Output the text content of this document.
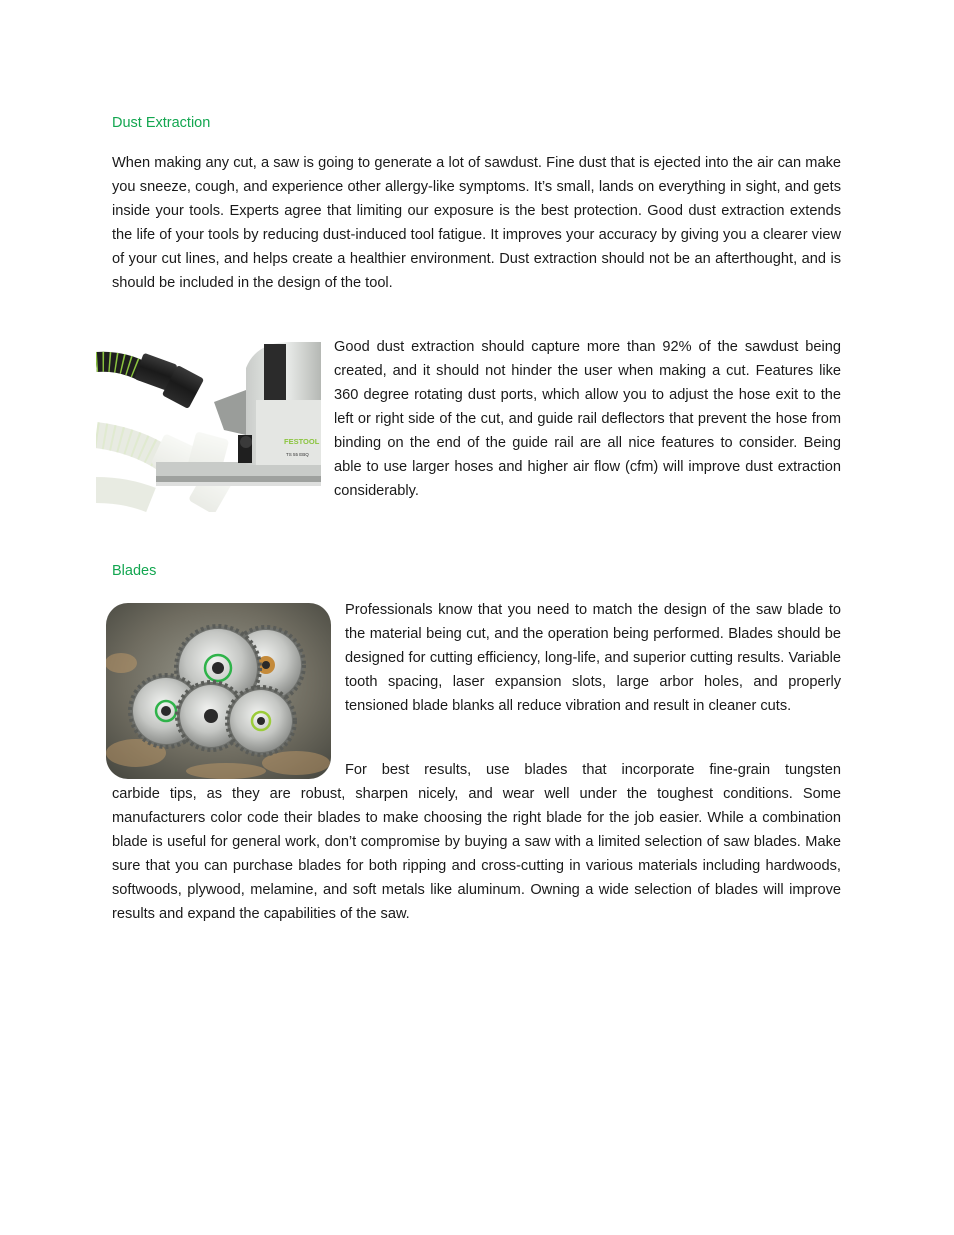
Dust Extraction

When making any cut, a saw is going to generate a lot of sawdust. Fine dust that is ejected into the air can make you sneeze, cough, and experience other allergy-like symptoms. It’s small, lands on everything in sight, and gets inside your tools. Experts agree that limiting our exposure is the best protection. Good dust extraction extends the life of your tools by reducing dust-induced tool fatigue. It improves your accuracy by giving you a clearer view of your cut lines, and helps create a healthier environment. Dust extraction should not be an afterthought, and is should be included in the design of the tool.

FESTOOL
TS 55 EBQ

Good dust extraction should capture more than 92% of the sawdust being created, and it should not hinder the user when making a cut. Features like 360 degree rotating dust ports, which allow you to adjust the hose exit to the left or right side of the cut, and guide rail deflectors that prevent the hose from binding on the end of the guide rail are all nice features to consider. Being able to use larger hoses and higher air flow (cfm) will improve dust extraction considerably.

Blades

Professionals know that you need to match the design of the saw blade to the material being cut, and the operation being performed. Blades should be designed for cutting efficiency, long-life, and superior cutting results. Variable tooth spacing, laser expansion slots, large arbor holes, and properly tensioned blade blanks all reduce vibration and result in cleaner cuts.

For best results, use blades that incorporate fine-grain tungsten

carbide tips, as they are robust, sharpen nicely, and wear well under the toughest conditions. Some manufacturers color code their blades to make choosing the right blade for the job easier. While a combination blade is useful for general work, don’t compromise by buying a saw with a limited selection of saw blades. Make sure that you can purchase blades for both ripping and cross-cutting in various materials including hardwoods, softwoods, plywood, melamine, and soft metals like aluminum. Owning a wide selection of blades will improve results and expand the capabilities of the saw.
